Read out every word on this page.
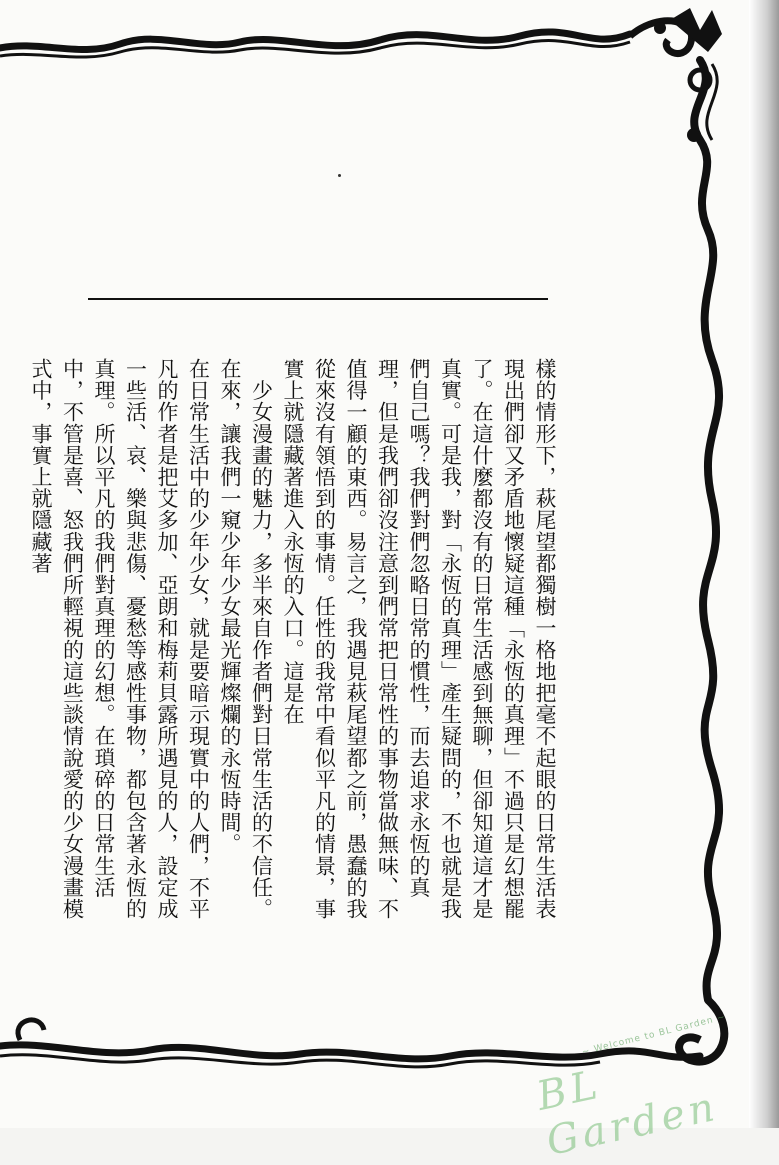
樣的情形下，萩尾望都獨樹一格地把毫不起眼的日常生活表現出們卻又矛盾地懷疑這種「永恆的真理」不過只是幻想罷了。在這什麼都沒有的日常生活感到無聊，但卻知道這才是真實。可是我，對「永恆的真理」產生疑問的，不也就是我們自己嗎？我們對們忽略日常的慣性，而去追求永恆的真理，但是我們卻沒注意到們常把日常性的事物當做無味、不值得一顧的東西。易言之，我遇見萩尾望都之前，愚蠢的我從來沒有領悟到的事情。任性的我常中看似平凡的情景，事實上就隱藏著進入永恆的入口。這是在

　少女漫畫的魅力，多半來自作者們對日常生活的不信任。在來，讓我們一窺少年少女最光輝燦爛的永恆時間。

在日常生活中的少年少女，就是要暗示現實中的人們，不平凡的作者是把艾多加、亞朗和梅莉貝露所遇見的人，設定成一些活、哀、樂與悲傷、憂愁等感性事物，都包含著永恆的真理。所以平凡的我們對真理的幻想。在瑣碎的日常生活中，不管是喜、怒我們所輕視的這些談情說愛的少女漫畫模式中，事實上就隱藏著

~ Welcome to BL Garden ~
BL Garden
